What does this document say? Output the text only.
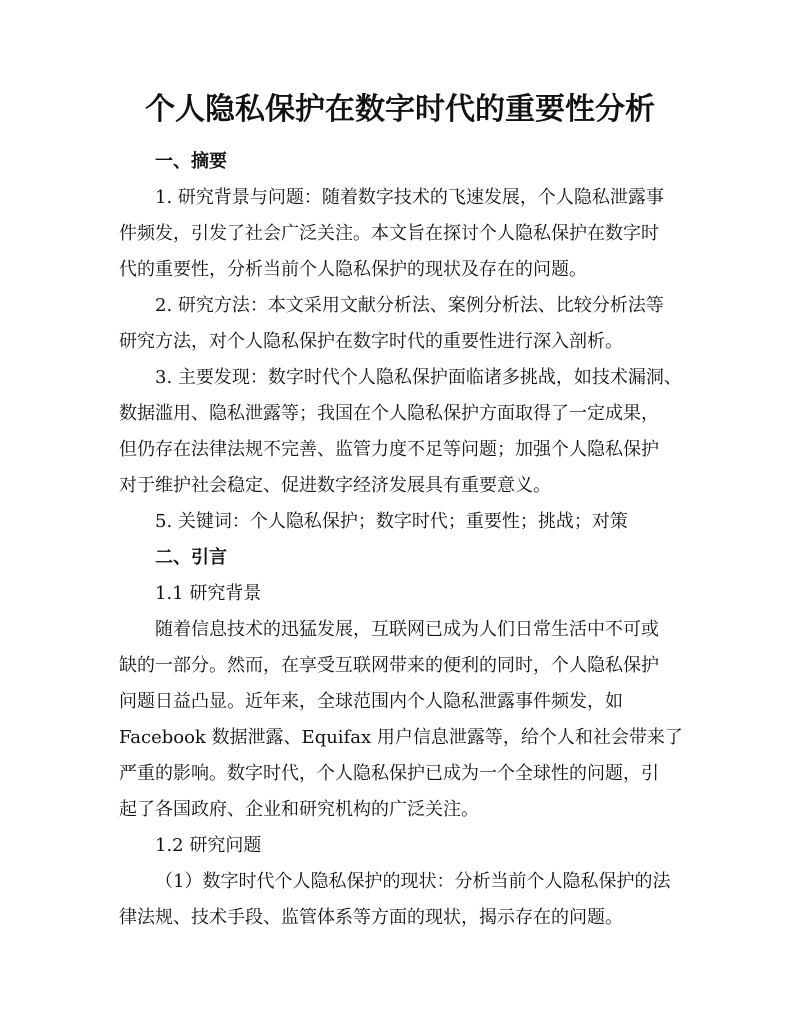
个人隐私保护在数字时代的重要性分析
一、摘要
1. 研究背景与问题：随着数字技术的飞速发展，个人隐私泄露事
件频发，引发了社会广泛关注。本文旨在探讨个人隐私保护在数字时
代的重要性，分析当前个人隐私保护的现状及存在的问题。
2. 研究方法：本文采用文献分析法、案例分析法、比较分析法等
研究方法，对个人隐私保护在数字时代的重要性进行深入剖析。
3. 主要发现：数字时代个人隐私保护面临诸多挑战，如技术漏洞、
数据滥用、隐私泄露等；我国在个人隐私保护方面取得了一定成果，
但仍存在法律法规不完善、监管力度不足等问题；加强个人隐私保护
对于维护社会稳定、促进数字经济发展具有重要意义。
5. 关键词：个人隐私保护；数字时代；重要性；挑战；对策
二、引言
1.1 研究背景
随着信息技术的迅猛发展，互联网已成为人们日常生活中不可或
缺的一部分。然而，在享受互联网带来的便利的同时，个人隐私保护
问题日益凸显。近年来，全球范围内个人隐私泄露事件频发，如
Facebook 数据泄露、Equifax 用户信息泄露等，给个人和社会带来了
严重的影响。数字时代，个人隐私保护已成为一个全球性的问题，引
起了各国政府、企业和研究机构的广泛关注。
1.2 研究问题
（1）数字时代个人隐私保护的现状：分析当前个人隐私保护的法
律法规、技术手段、监管体系等方面的现状，揭示存在的问题。
